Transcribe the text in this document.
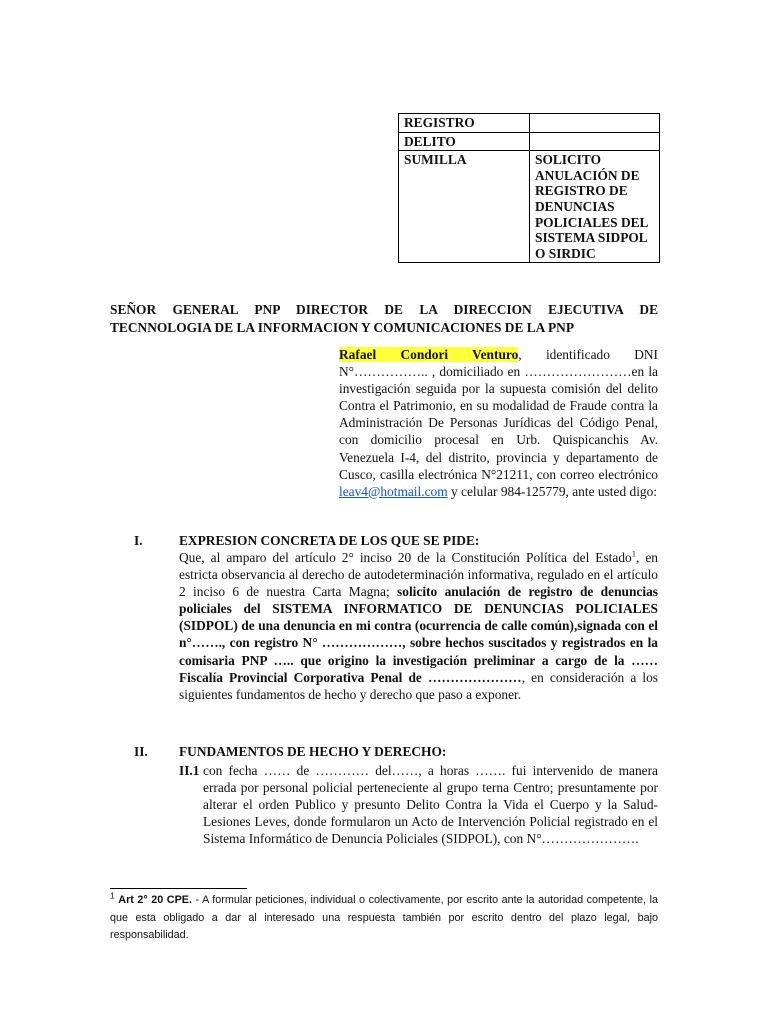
REGISTRO	
DELITO	
SUMILLA	SOLICITO ANULACIÓN DE REGISTRO DE DENUNCIAS POLICIALES DEL SISTEMA SIDPOL O SIRDIC
SEÑOR GENERAL PNP DIRECTOR DE LA DIRECCION EJECUTIVA DE TECNNOLOGIA DE LA INFORMACION Y COMUNICACIONES DE LA PNP
Rafael Condori Venturo, identificado DNI N°…………….. , domiciliado en ……………………en la investigación seguida por la supuesta comisión del delito Contra el Patrimonio, en su modalidad de Fraude contra la Administración De Personas Jurídicas del Código Penal, con domicilio procesal en Urb. Quispicanchis Av. Venezuela I-4, del distrito, provincia y departamento de Cusco, casilla electrónica N°21211, con correo electrónico leav4@hotmail.com y celular 984-125779, ante usted digo:
I.	EXPRESION CONCRETA DE LOS QUE SE PIDE:
Que, al amparo del artículo 2° inciso 20 de la Constitución Política del Estado$^1$, en estricta observancia al derecho de autodeterminación informativa, regulado en el artículo 2 inciso 6 de nuestra Carta Magna; solicito anulación de registro de denuncias policiales del SISTEMA INFORMATICO DE DENUNCIAS POLICIALES (SIDPOL) de una denuncia en mi contra (ocurrencia de calle común),signada con el n°……., con registro N° ………………, sobre hechos suscitados y registrados en la comisaria PNP ….. que origino la investigación preliminar a cargo de la …… Fiscalía Provincial Corporativa Penal de …………………, en consideración a los siguientes fundamentos de hecho y derecho que paso a exponer.
II. FUNDAMENTOS DE HECHO Y DERECHO:
II.1 con fecha …… de ………… del……, a horas ……. fui intervenido de manera errada por personal policial perteneciente al grupo terna Centro; presuntamente por alterar el orden Publico y presunto Delito Contra la Vida el Cuerpo y la Salud- Lesiones Leves, donde formularon un Acto de Intervención Policial registrado en el Sistema Informático de Denuncia Policiales (SIDPOL), con N°………………….
$^1$ Art 2° 20 CPE. - A formular peticiones, individual o colectivamente, por escrito ante la autoridad competente, la que esta obligado a dar al interesado una respuesta también por escrito dentro del plazo legal, bajo responsabilidad.
